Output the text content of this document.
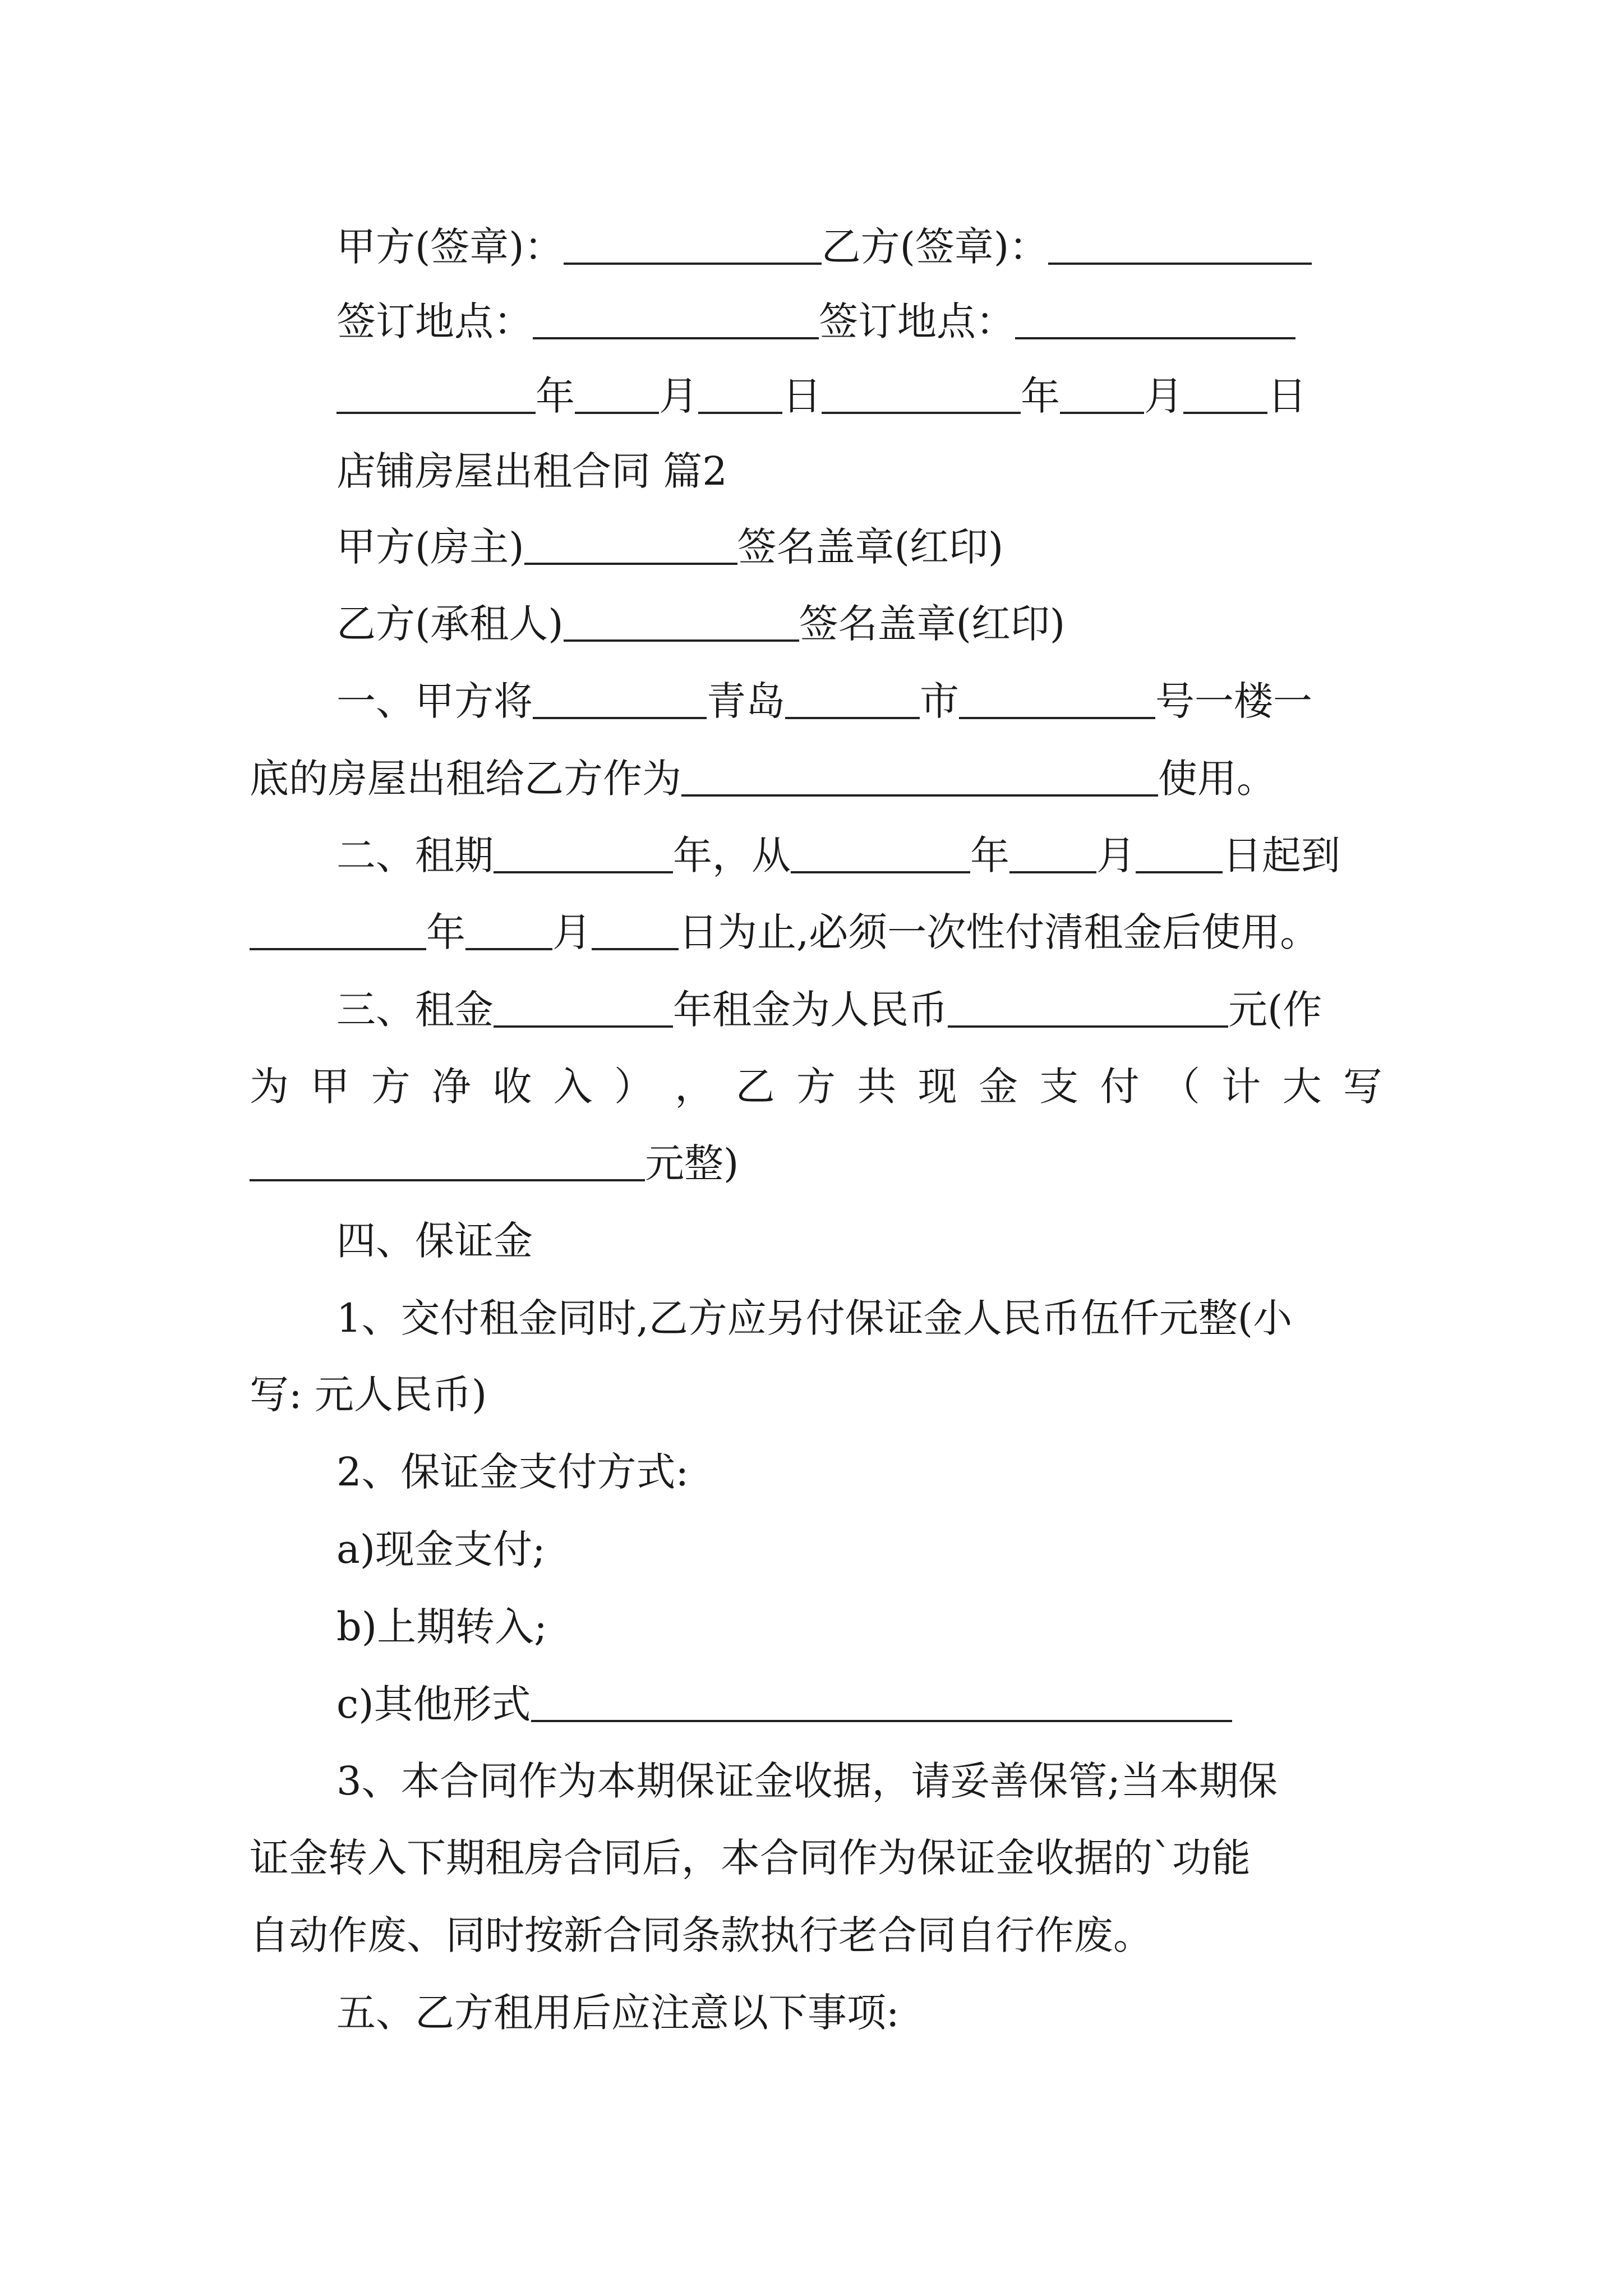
甲方(签章)：	乙方(签章)：
签订地点：	签订地点：
年 月 日	年 月 日
店铺房屋出租合同 篇2
甲方(房主)	签名盖章(红印)
乙方(承租人)	签名盖章(红印)
一、甲方将	青岛	市	号一楼一
底的房屋出租给乙方作为	使用。
二、租期	年，从	年 月 日起到
年 月 日为止,必须一次性付清租金后使用。
三、租金	年租金为人民币	元(作
为 甲 方 净 收 入 ） ， 乙 方 共 现 金 支 付 （ 计 大 写
元整)
四、保证金
1、交付租金同时,乙方应另付保证金人民币伍仟元整(小
写: 元人民币)
2、保证金支付方式:
a)现金支付;
b)上期转入;
c)其他形式
3、本合同作为本期保证金收据，请妥善保管;当本期保
证金转入下期租房合同后，本合同作为保证金收据的`功能
自动作废、同时按新合同条款执行老合同自行作废。
五、乙方租用后应注意以下事项:
